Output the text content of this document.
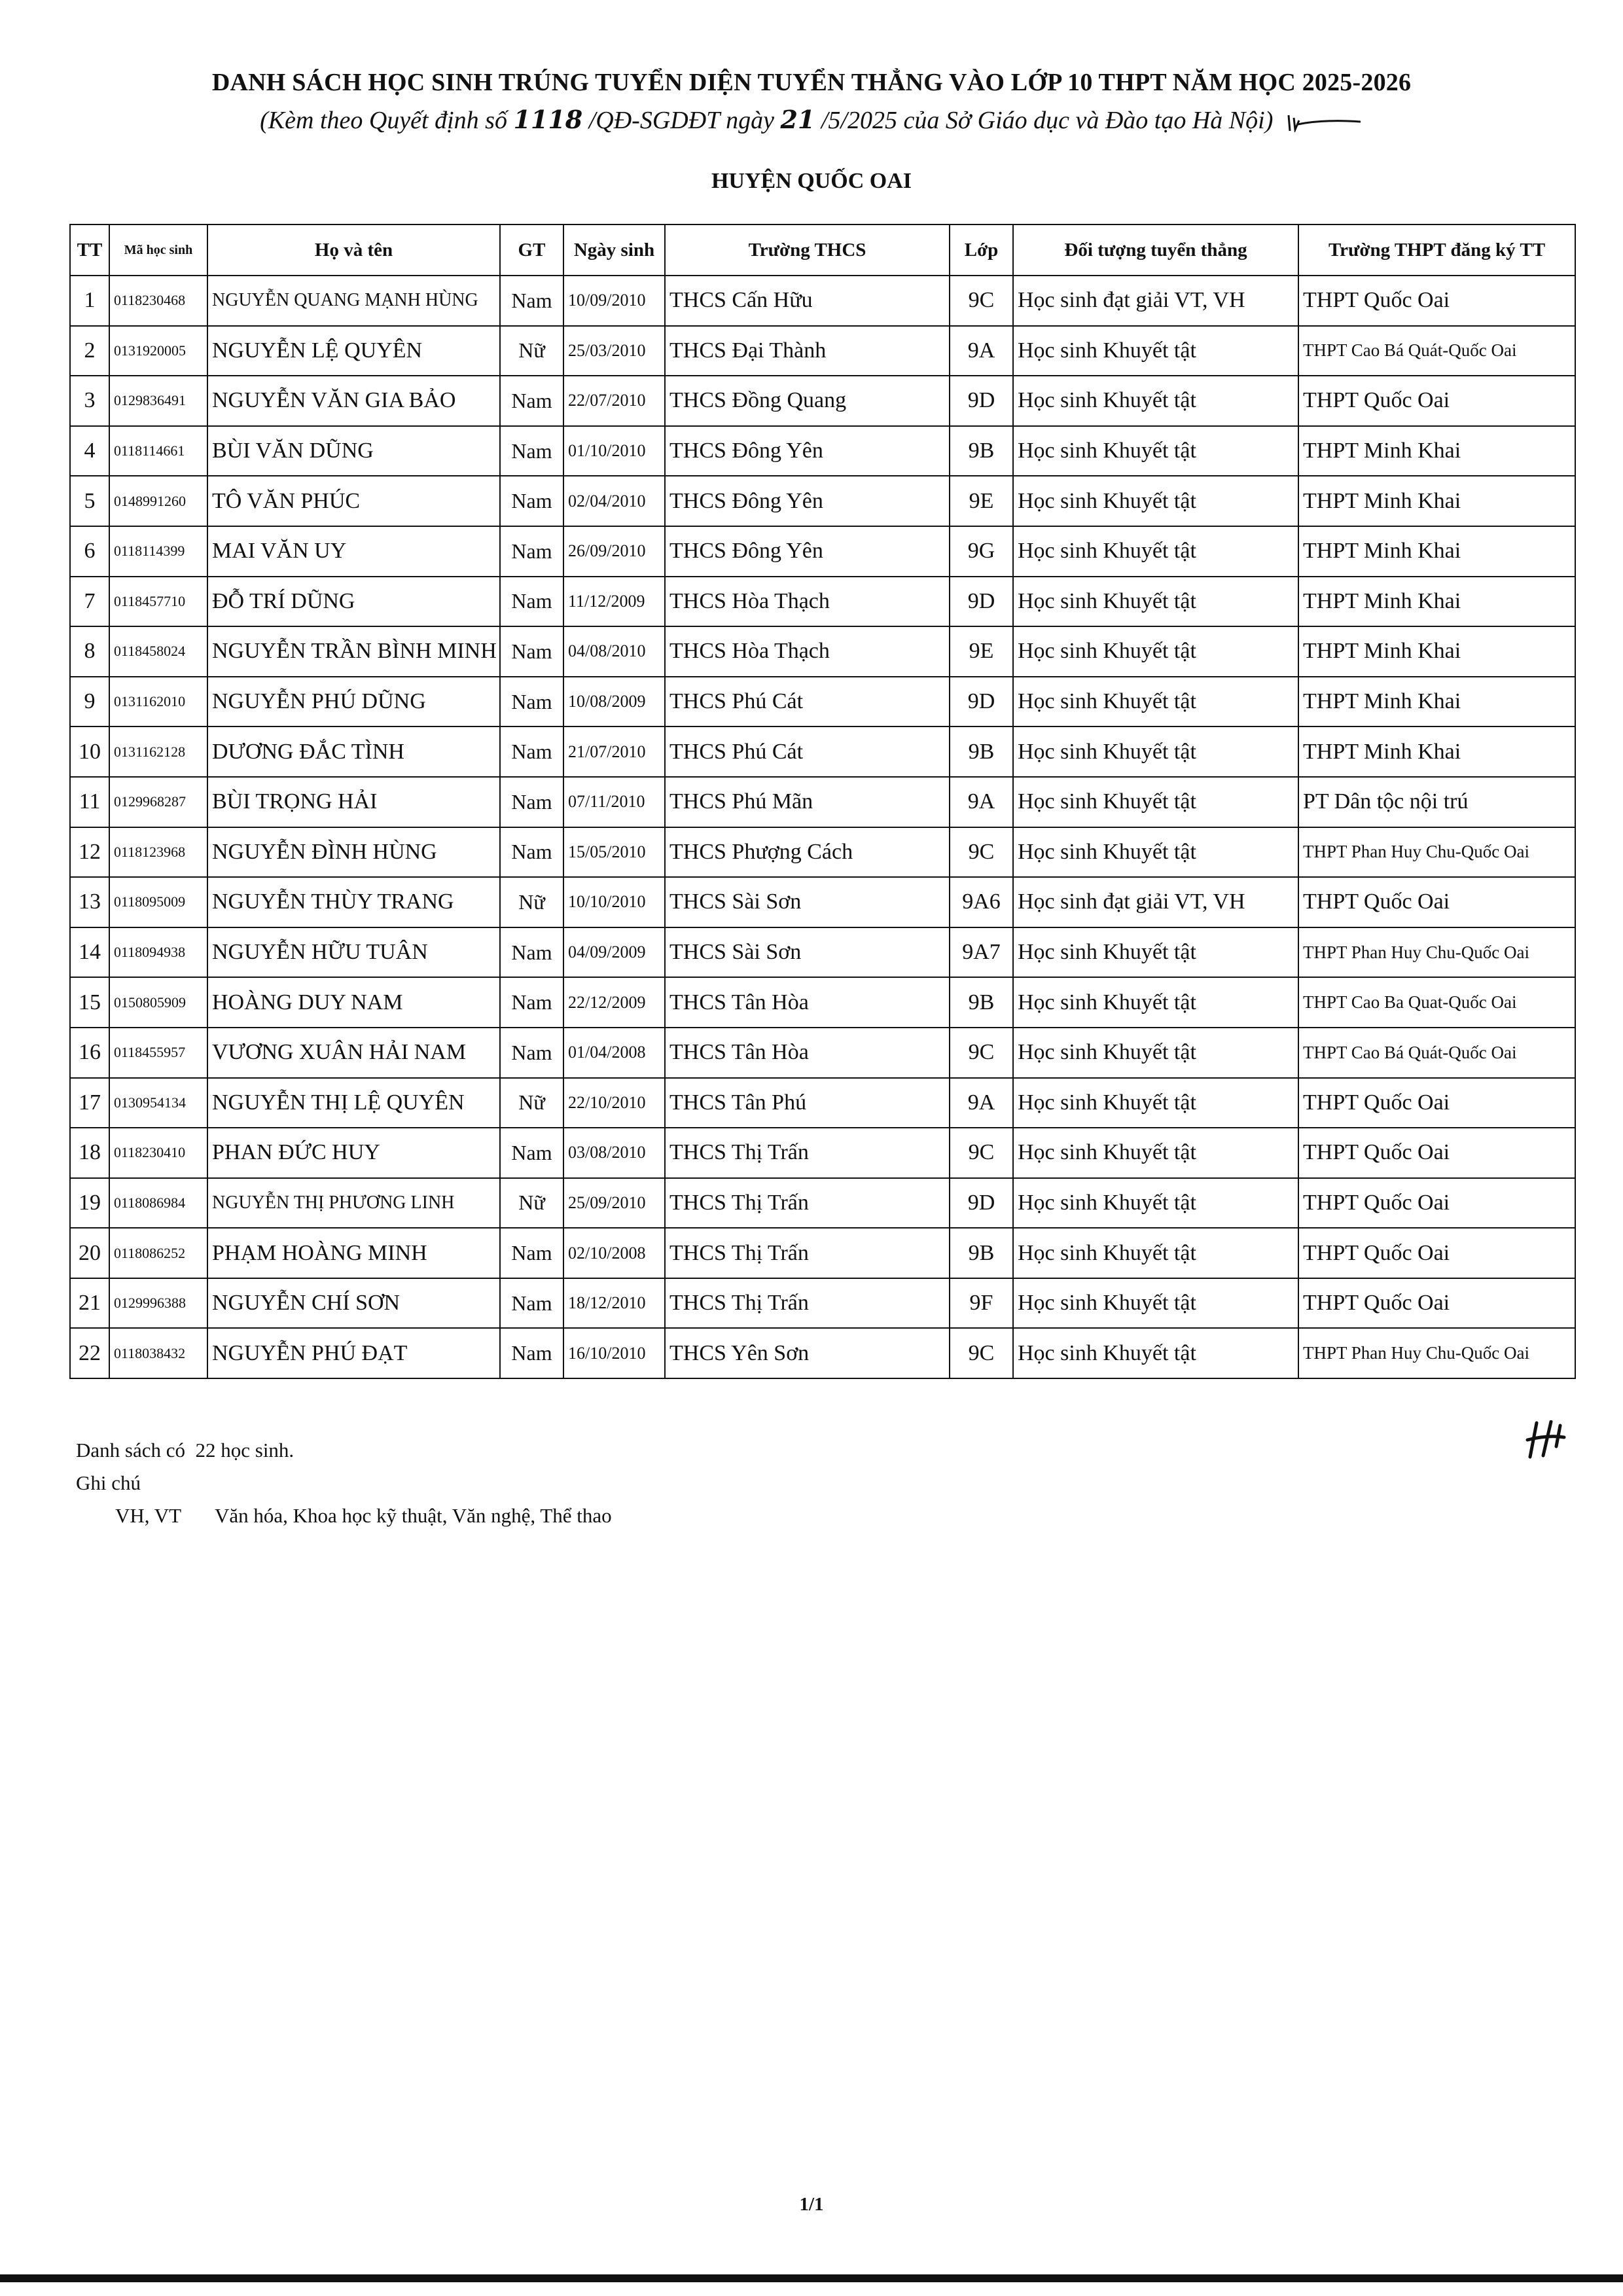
DANH SÁCH HỌC SINH TRÚNG TUYỂN DIỆN TUYỂN THẲNG VÀO LỚP 10 THPT NĂM HỌC 2025-2026
(Kèm theo Quyết định số 1118 /QĐ-SGDĐT ngày 21 /5/2025 của Sở Giáo dục và Đào tạo Hà Nội)
HUYỆN QUỐC OAI
TT	Mã học sinh	Họ và tên	GT	Ngày sinh	Trường THCS	Lớp	Đối tượng tuyển thẳng	Trường THPT đăng ký TT
1	0118230468	NGUYỄN QUANG MẠNH HÙNG	Nam	10/09/2010	THCS Cấn Hữu	9C	Học sinh đạt giải VT, VH	THPT Quốc Oai
2	0131920005	NGUYỄN LỆ QUYÊN	Nữ	25/03/2010	THCS Đại Thành	9A	Học sinh Khuyết tật	THPT Cao Bá Quát-Quốc Oai
3	0129836491	NGUYỄN VĂN GIA BẢO	Nam	22/07/2010	THCS Đồng Quang	9D	Học sinh Khuyết tật	THPT Quốc Oai
4	0118114661	BÙI VĂN DŨNG	Nam	01/10/2010	THCS Đông Yên	9B	Học sinh Khuyết tật	THPT Minh Khai
5	0148991260	TÔ VĂN PHÚC	Nam	02/04/2010	THCS Đông Yên	9E	Học sinh Khuyết tật	THPT Minh Khai
6	0118114399	MAI VĂN UY	Nam	26/09/2010	THCS Đông Yên	9G	Học sinh Khuyết tật	THPT Minh Khai
7	0118457710	ĐỖ TRÍ DŨNG	Nam	11/12/2009	THCS Hòa Thạch	9D	Học sinh Khuyết tật	THPT Minh Khai
8	0118458024	NGUYỄN TRẦN BÌNH MINH	Nam	04/08/2010	THCS Hòa Thạch	9E	Học sinh Khuyết tật	THPT Minh Khai
9	0131162010	NGUYỄN PHÚ DŨNG	Nam	10/08/2009	THCS Phú Cát	9D	Học sinh Khuyết tật	THPT Minh Khai
10	0131162128	DƯƠNG ĐẮC TÌNH	Nam	21/07/2010	THCS Phú Cát	9B	Học sinh Khuyết tật	THPT Minh Khai
11	0129968287	BÙI TRỌNG HẢI	Nam	07/11/2010	THCS Phú Mãn	9A	Học sinh Khuyết tật	PT Dân tộc nội trú
12	0118123968	NGUYỄN ĐÌNH HÙNG	Nam	15/05/2010	THCS Phượng Cách	9C	Học sinh Khuyết tật	THPT Phan Huy Chu-Quốc Oai
13	0118095009	NGUYỄN THÙY TRANG	Nữ	10/10/2010	THCS Sài Sơn	9A6	Học sinh đạt giải VT, VH	THPT Quốc Oai
14	0118094938	NGUYỄN HỮU TUÂN	Nam	04/09/2009	THCS Sài Sơn	9A7	Học sinh Khuyết tật	THPT Phan Huy Chu-Quốc Oai
15	0150805909	HOÀNG DUY NAM	Nam	22/12/2009	THCS Tân Hòa	9B	Học sinh Khuyết tật	THPT Cao Ba Quat-Quốc Oai
16	0118455957	VƯƠNG XUÂN HẢI NAM	Nam	01/04/2008	THCS Tân Hòa	9C	Học sinh Khuyết tật	THPT Cao Bá Quát-Quốc Oai
17	0130954134	NGUYỄN THỊ LỆ QUYÊN	Nữ	22/10/2010	THCS Tân Phú	9A	Học sinh Khuyết tật	THPT Quốc Oai
18	0118230410	PHAN ĐỨC HUY	Nam	03/08/2010	THCS Thị Trấn	9C	Học sinh Khuyết tật	THPT Quốc Oai
19	0118086984	NGUYỄN THỊ PHƯƠNG LINH	Nữ	25/09/2010	THCS Thị Trấn	9D	Học sinh Khuyết tật	THPT Quốc Oai
20	0118086252	PHẠM HOÀNG MINH	Nam	02/10/2008	THCS Thị Trấn	9B	Học sinh Khuyết tật	THPT Quốc Oai
21	0129996388	NGUYỄN CHÍ SƠN	Nam	18/12/2010	THCS Thị Trấn	9F	Học sinh Khuyết tật	THPT Quốc Oai
22	0118038432	NGUYỄN PHÚ ĐẠT	Nam	16/10/2010	THCS Yên Sơn	9C	Học sinh Khuyết tật	THPT Phan Huy Chu-Quốc Oai
Danh sách có 22 học sinh.
Ghi chú
VH, VT Văn hóa, Khoa học kỹ thuật, Văn nghệ, Thể thao
1/1
